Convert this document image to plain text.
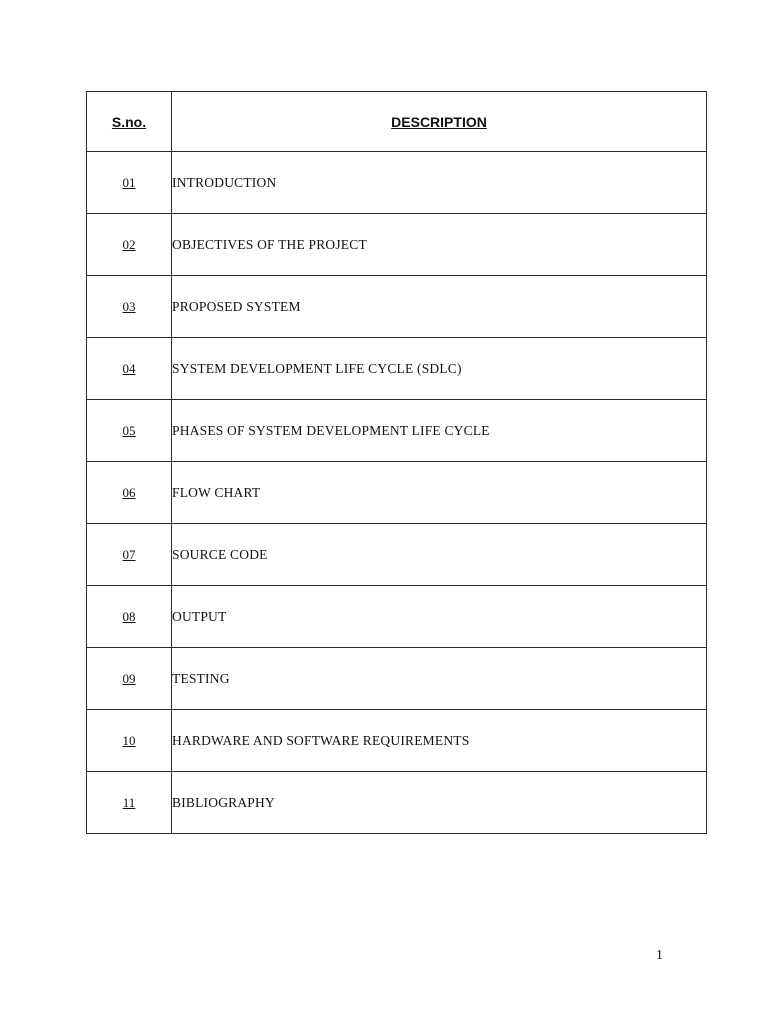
S.no.	DESCRIPTION
01	INTRODUCTION
02	OBJECTIVES OF THE PROJECT
03	PROPOSED SYSTEM
04	SYSTEM DEVELOPMENT LIFE CYCLE (SDLC)
05	PHASES OF SYSTEM DEVELOPMENT LIFE CYCLE
06	FLOW CHART
07	SOURCE CODE
08	OUTPUT
09	TESTING
10	HARDWARE AND SOFTWARE REQUIREMENTS
11	BIBLIOGRAPHY
1
